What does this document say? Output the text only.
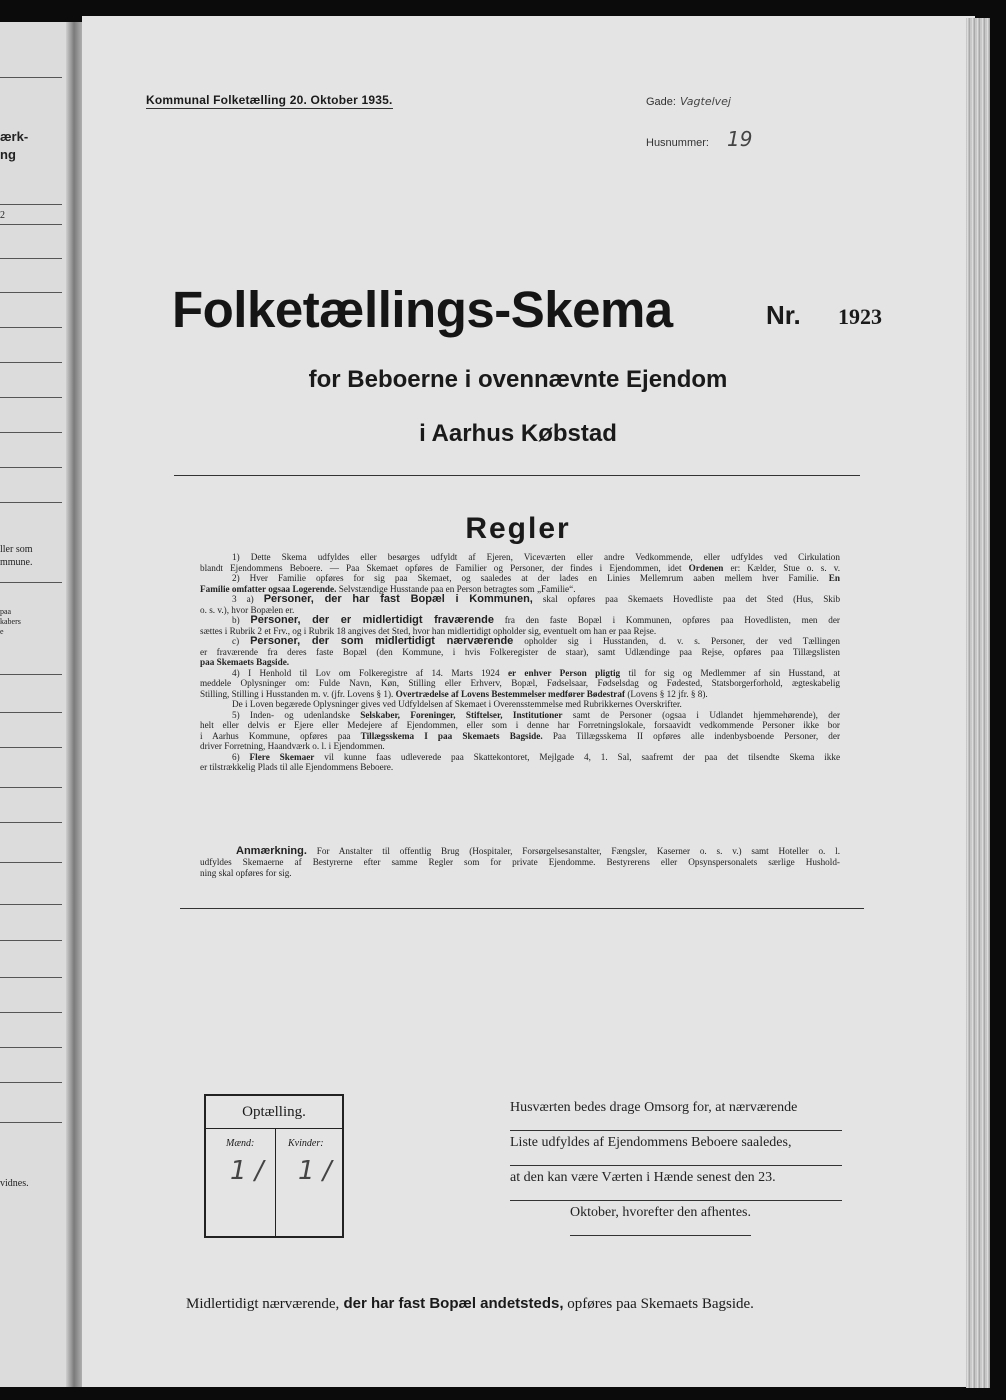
ærk-
ng
2
ller som
mmune.
paa
kabers
e
vidnes.
Kommunal Folketælling 20. Oktober 1935.	Gade: Vagtelvej
Husnummer: 19
Folketællings-Skema	Nr. 1923
for Beboerne i ovennævnte Ejendom
i Aarhus Købstad
Regler
1) Dette Skema udfyldes eller besørges udfyldt af Ejeren, Viceværten eller andre Vedkommende, eller udfyldes ved Cirkulation
blandt Ejendommens Beboere. — Paa Skemaet opføres de Familier og Personer, der findes i Ejendommen, idet Ordenen er: Kælder, Stue o. s. v.
2) Hver Familie opføres for sig paa Skemaet, og saaledes at der lades en Linies Mellemrum aaben mellem hver Familie. En
Familie omfatter ogsaa Logerende. Selvstændige Husstande paa en Person betragtes som „Familie“.
3 a) Personer, der har fast Bopæl i Kommunen, skal opføres paa Skemaets Hovedliste paa det Sted (Hus, Skib
o. s. v.), hvor Bopælen er.
b) Personer, der er midlertidigt fraværende fra den faste Bopæl i Kommunen, opføres paa Hovedlisten, men der
sættes i Rubrik 2 et Frv., og i Rubrik 18 angives det Sted, hvor han midlertidigt opholder sig, eventuelt om han er paa Rejse.
c) Personer, der som midlertidigt nærværende opholder sig i Husstanden, d. v. s. Personer, der ved Tællingen
er fraværende fra deres faste Bopæl (den Kommune, i hvis Folkeregister de staar), samt Udlændinge paa Rejse, opføres paa Tillægslisten
paa Skemaets Bagside.
4) I Henhold til Lov om Folkeregistre af 14. Marts 1924 er enhver Person pligtig til for sig og Medlemmer af sin Husstand, at
meddele Oplysninger om: Fulde Navn, Køn, Stilling eller Erhverv, Bopæl, Fødselsaar, Fødselsdag og Fødested, Statsborgerforhold, ægteskabelig
Stilling, Stilling i Husstanden m. v. (jfr. Lovens § 1). Overtrædelse af Lovens Bestemmelser medfører Bødestraf (Lovens § 12 jfr. § 8).
De i Loven begærede Oplysninger gives ved Udfyldelsen af Skemaet i Overensstemmelse med Rubrikkernes Overskrifter.
5) Inden- og udenlandske Selskaber, Foreninger, Stiftelser, Institutioner samt de Personer (ogsaa i Udlandet hjemmehørende), der
helt eller delvis er Ejere eller Medejere af Ejendommen, eller som i denne har Forretningslokale, forsaavidt vedkommende Personer ikke bor
i Aarhus Kommune, opføres paa Tillægsskema I paa Skemaets Bagside. Paa Tillægsskema II opføres alle indenbysboende Personer, der
driver Forretning, Haandværk o. l. i Ejendommen.
6) Flere Skemaer vil kunne faas udleverede paa Skattekontoret, Mejlgade 4, 1. Sal, saafremt der paa det tilsendte Skema ikke
er tilstrækkelig Plads til alle Ejendommens Beboere.
Anmærkning. For Anstalter til offentlig Brug (Hospitaler, Forsørgelsesanstalter, Fængsler, Kaserner o. s. v.) samt Hoteller o. l.
udfyldes Skemaerne af Bestyrerne efter samme Regler som for private Ejendomme. Bestyrerens eller Opsynspersonalets særlige Hushold-
ning skal opføres for sig.
Optælling.
Mænd:	Kvinder:
1 / 1 /
Husværten bedes drage Omsorg for, at nærværende
Liste udfyldes af Ejendommens Beboere saaledes,
at den kan være Værten i Hænde senest den 23.
Oktober, hvorefter den afhentes.
Midlertidigt nærværende, der har fast Bopæl andetsteds, opføres paa Skemaets Bagside.
